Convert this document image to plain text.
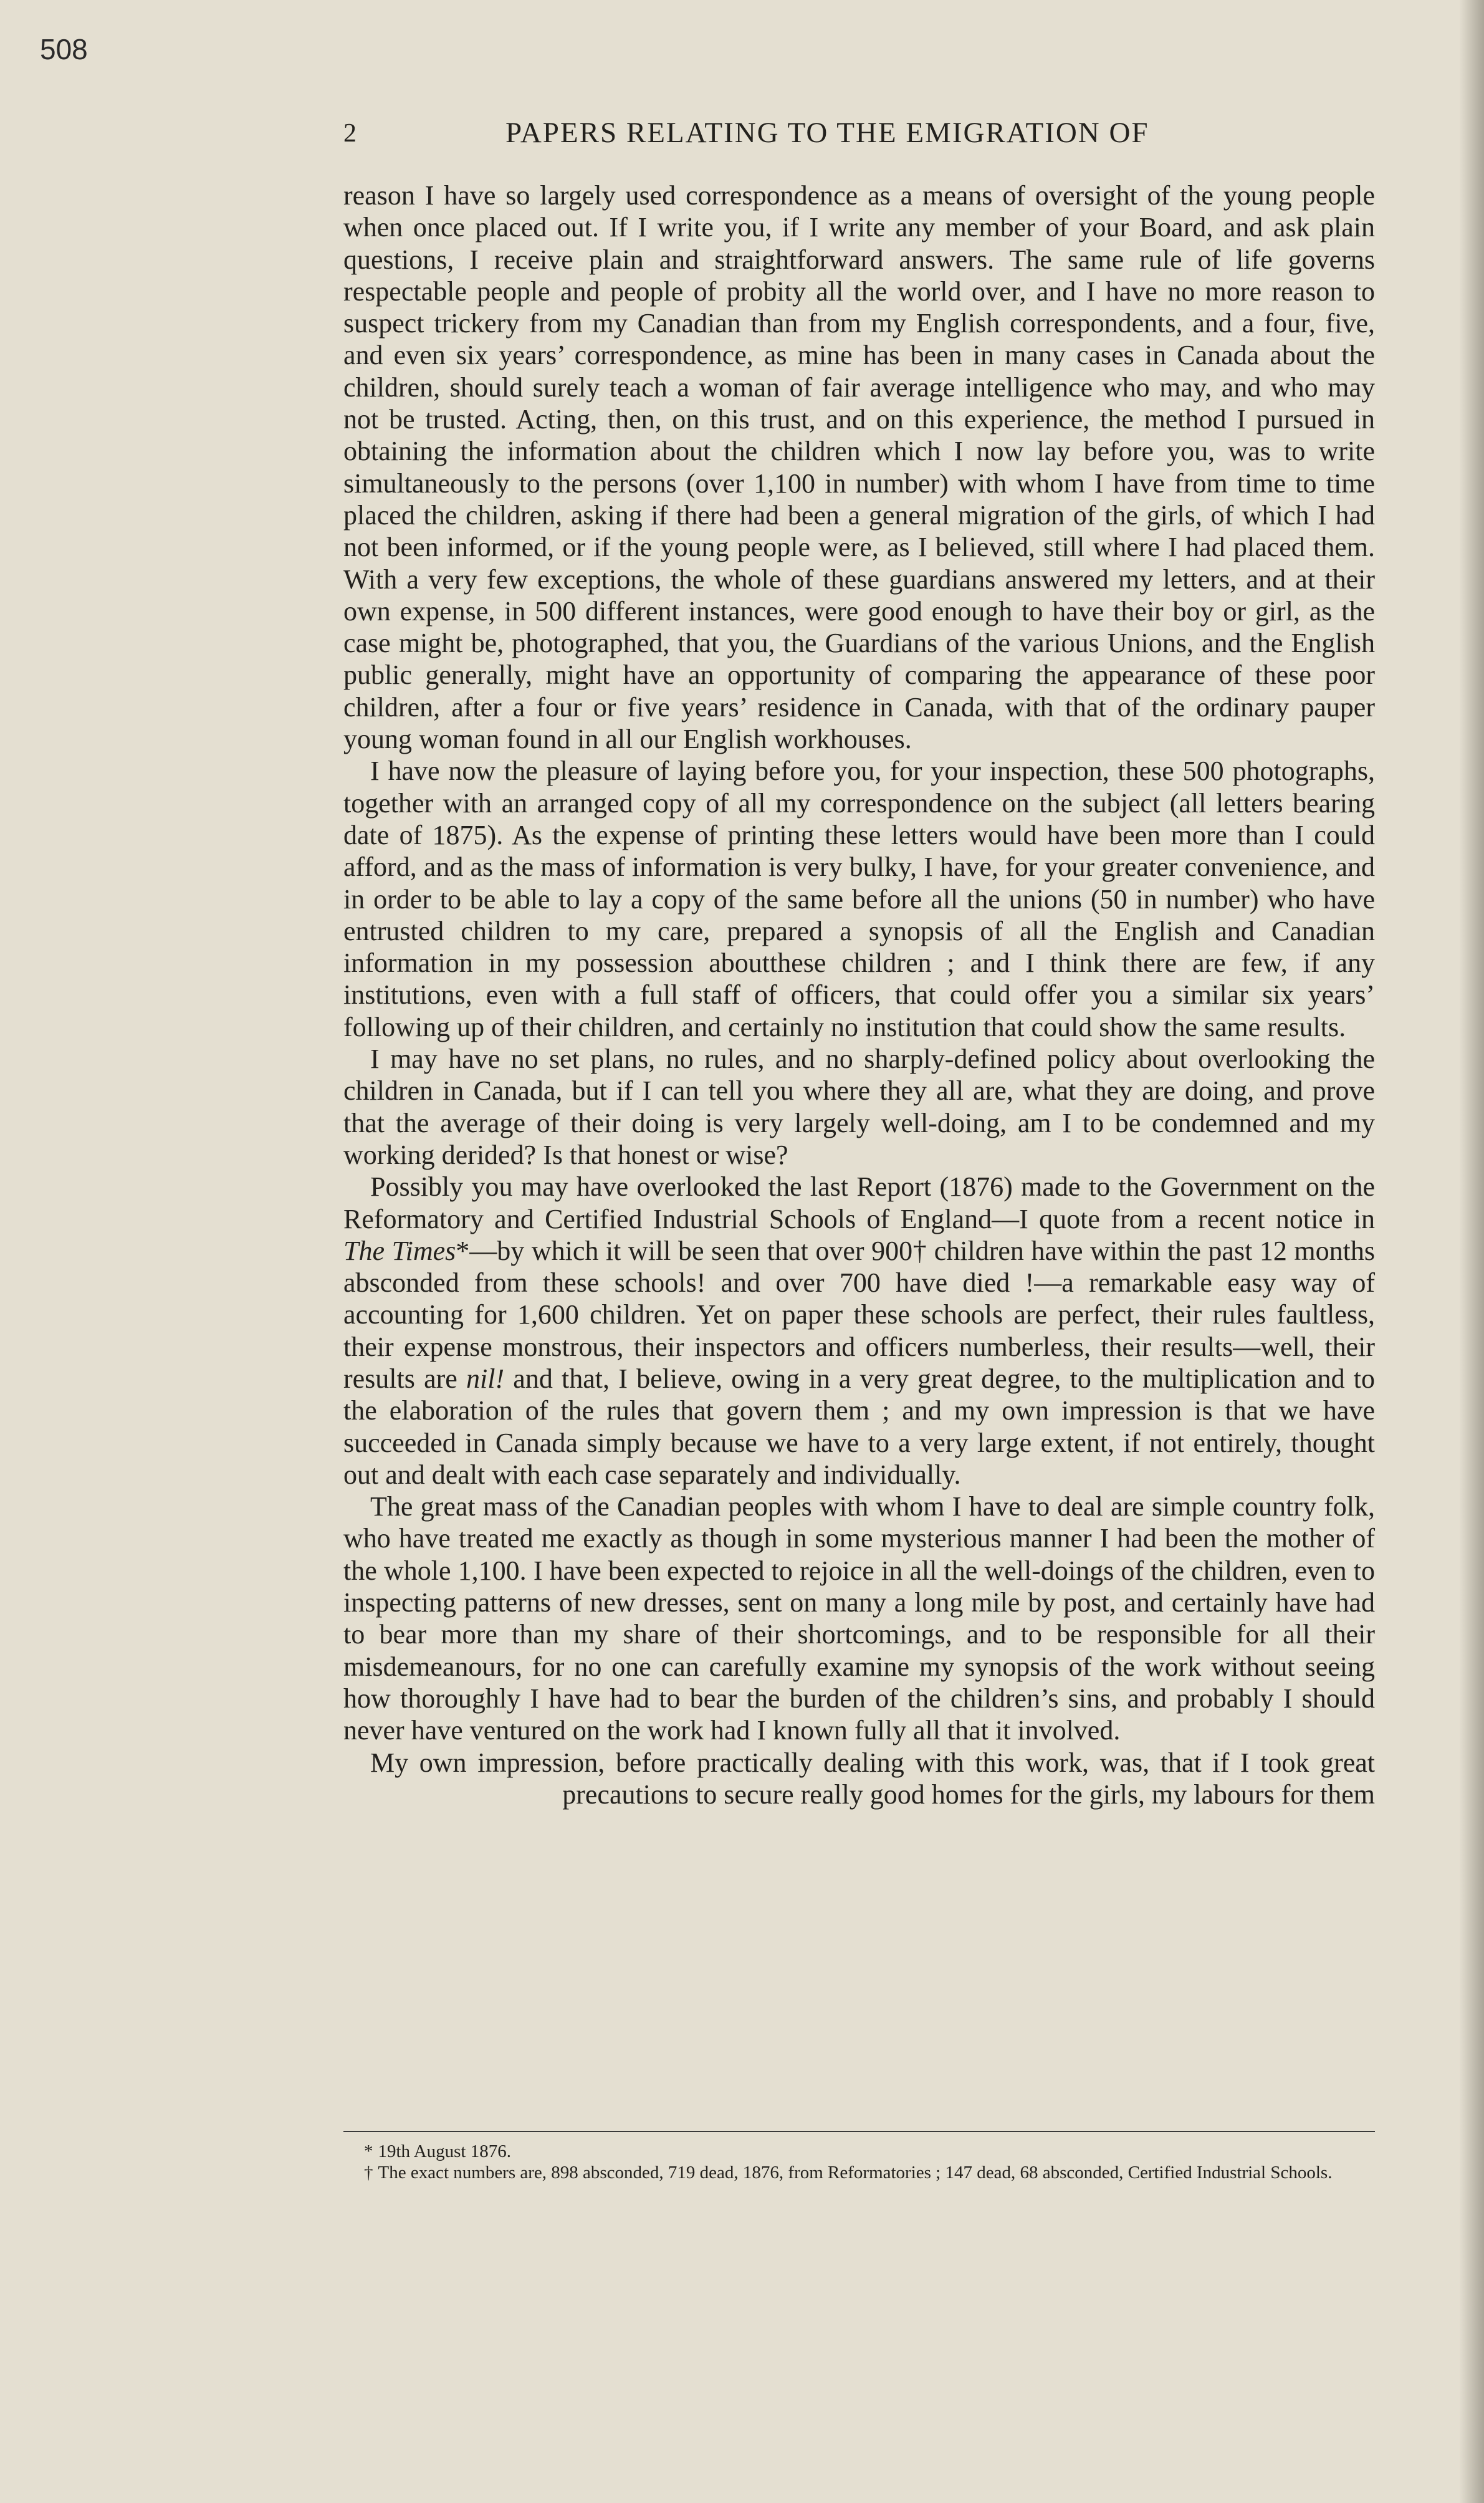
508
2	PAPERS RELATING TO THE EMIGRATION OF

reason I have so largely used correspondence as a means of oversight of the young people when once placed out. If I write you, if I write any member of your Board, and ask plain questions, I receive plain and straightforward answers. The same rule of life governs respectable people and people of probity all the world over, and I have no more reason to suspect trickery from my Canadian than from my English correspondents, and a four, five, and even six years’ correspondence, as mine has been in many cases in Canada about the children, should surely teach a woman of fair average intelligence who may, and who may not be trusted. Acting, then, on this trust, and on this experience, the method I pursued in obtaining the information about the children which I now lay before you, was to write simultaneously to the persons (over 1,100 in number) with whom I have from time to time placed the children, asking if there had been a general migration of the girls, of which I had not been informed, or if the young people were, as I believed, still where I had placed them. With a very few exceptions, the whole of these guardians answered my letters, and at their own expense, in 500 different instances, were good enough to have their boy or girl, as the case might be, photographed, that you, the Guardians of the various Unions, and the English public generally, might have an opportunity of comparing the appearance of these poor children, after a four or five years’ residence in Canada, with that of the ordinary pauper young woman found in all our English workhouses.

I have now the pleasure of laying before you, for your inspection, these 500 photographs, together with an arranged copy of all my correspondence on the subject (all letters bearing date of 1875). As the expense of printing these letters would have been more than I could afford, and as the mass of information is very bulky, I have, for your greater convenience, and in order to be able to lay a copy of the same before all the unions (50 in number) who have entrusted children to my care, prepared a synopsis of all the English and Canadian information in my possession aboutthese children ; and I think there are few, if any institutions, even with a full staff of officers, that could offer you a similar six years’ following up of their children, and certainly no institution that could show the same results.

I may have no set plans, no rules, and no sharply-defined policy about overlooking the children in Canada, but if I can tell you where they all are, what they are doing, and prove that the average of their doing is very largely well-doing, am I to be condemned and my working derided? Is that honest or wise?

Possibly you may have overlooked the last Report (1876) made to the Government on the Reformatory and Certified Industrial Schools of England—I quote from a recent notice in The Times*—by which it will be seen that over 900† children have within the past 12 months absconded from these schools! and over 700 have died !—a remarkable easy way of accounting for 1,600 children. Yet on paper these schools are perfect, their rules faultless, their expense monstrous, their inspectors and officers numberless, their results—well, their results are nil! and that, I believe, owing in a very great degree, to the multiplication and to the elaboration of the rules that govern them ; and my own impression is that we have succeeded in Canada simply because we have to a very large extent, if not entirely, thought out and dealt with each case separately and individually.

The great mass of the Canadian peoples with whom I have to deal are simple country folk, who have treated me exactly as though in some mysterious manner I had been the mother of the whole 1,100. I have been expected to rejoice in all the well-doings of the children, even to inspecting patterns of new dresses, sent on many a long mile by post, and certainly have had to bear more than my share of their shortcomings, and to be responsible for all their misdemeanours, for no one can carefully examine my synopsis of the work without seeing how thoroughly I have had to bear the burden of the children’s sins, and probably I should never have ventured on the work had I known fully all that it involved.

My own impression, before practically dealing with this work, was, that if I took great precautions to secure really good homes for the girls, my labours for them

* 19th August 1876.

† The exact numbers are, 898 absconded, 719 dead, 1876, from Reformatories ; 147 dead, 68 absconded, Certified Industrial Schools.
